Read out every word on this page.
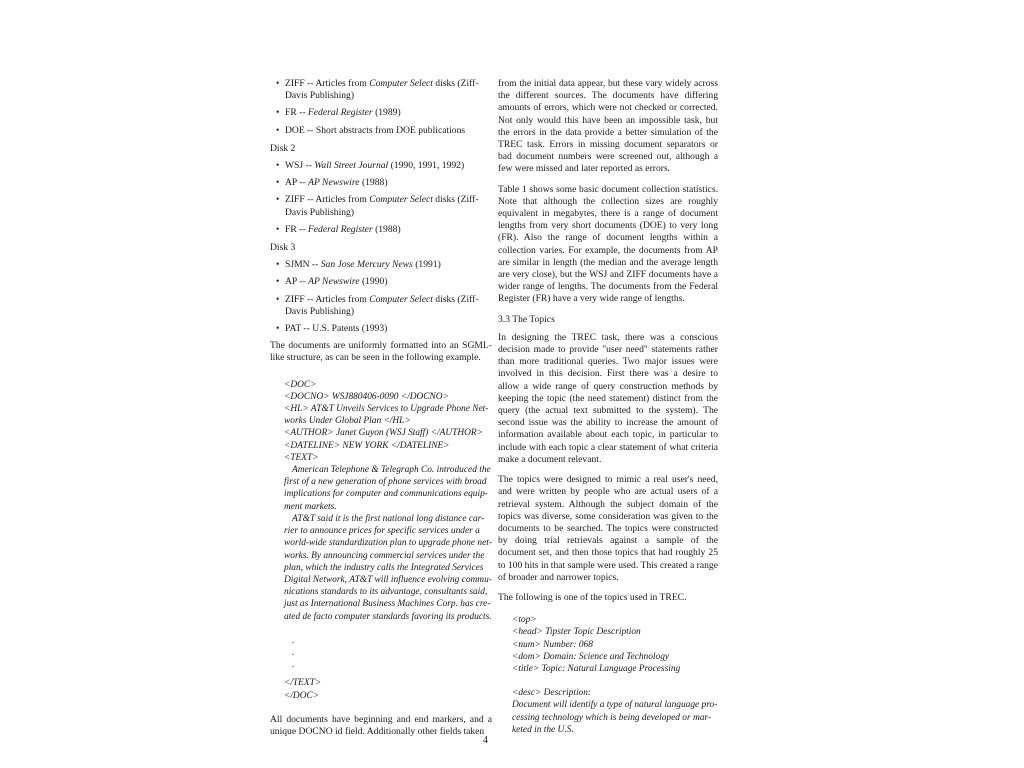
• ZIFF -- Articles from Computer Select disks (Ziff-Davis Publishing)
• FR -- Federal Register (1989)
• DOE -- Short abstracts from DOE publications
Disk 2
• WSJ -- Wall Street Journal (1990, 1991, 1992)
• AP -- AP Newswire (1988)
• ZIFF -- Articles from Computer Select disks (Ziff-Davis Publishing)
• FR -- Federal Register (1988)
Disk 3
• SJMN -- San Jose Mercury News (1991)
• AP -- AP Newswire (1990)
• ZIFF -- Articles from Computer Select disks (Ziff-Davis Publishing)
• PAT -- U.S. Patents (1993)

The documents are uniformly formatted into an SGML-like structure, as can be seen in the following example.

<DOC>
<DOCNO> WSJ880406-0090 </DOCNO>
<HL> AT&T Unveils Services to Upgrade Phone Net-
works Under Global Plan </HL>
<AUTHOR> Janet Guyon (WSJ Staff) </AUTHOR>
<DATELINE> NEW YORK </DATELINE>
<TEXT>
American Telephone & Telegraph Co. introduced the
first of a new generation of phone services with broad
implications for computer and communications equip-
ment markets.
AT&T said it is the first national long distance car-
rier to announce prices for specific services under a
world-wide standardization plan to upgrade phone net-
works. By announcing commercial services under the
plan, which the industry calls the Integrated Services
Digital Network, AT&T will influence evolving commu-
nications standards to its advantage, consultants said,
just as International Business Machines Corp. has cre-
ated de facto computer standards favoring its products.
.
.
.
</TEXT>
</DOC>

All documents have beginning and end markers, and a unique DOCNO id field. Additionally other fields taken

from the initial data appear, but these vary widely across the different sources. The documents have differing amounts of errors, which were not checked or corrected. Not only would this have been an impossible task, but the errors in the data provide a better simulation of the TREC task. Errors in missing document separators or bad document numbers were screened out, although a few were missed and later reported as errors.

Table 1 shows some basic document collection statistics. Note that although the collection sizes are roughly equivalent in megabytes, there is a range of document lengths from very short documents (DOE) to very long (FR). Also the range of document lengths within a collection varies. For example, the documents from AP are similar in length (the median and the average length are very close), but the WSJ and ZIFF documents have a wider range of lengths. The documents from the Federal Register (FR) have a very wide range of lengths.

3.3 The Topics

In designing the TREC task, there was a conscious decision made to provide "user need" statements rather than more traditional queries. Two major issues were involved in this decision. First there was a desire to allow a wide range of query construction methods by keeping the topic (the need statement) distinct from the query (the actual text submitted to the system). The second issue was the ability to increase the amount of information available about each topic, in particular to include with each topic a clear statement of what criteria make a document relevant.

The topics were designed to mimic a real user's need, and were written by people who are actual users of a retrieval system. Although the subject domain of the topics was diverse, some consideration was given to the documents to be searched. The topics were constructed by doing trial retrievals against a sample of the document set, and then those topics that had roughly 25 to 100 hits in that sample were used. This created a range of broader and narrower topics.

The following is one of the topics used in TREC.

<top>
<head> Tipster Topic Description
<num> Number: 068
<dom> Domain: Science and Technology
<title> Topic: Natural Language Processing
<desc> Description:
Document will identify a type of natural language pro-
cessing technology which is being developed or mar-
keted in the U.S.
4
